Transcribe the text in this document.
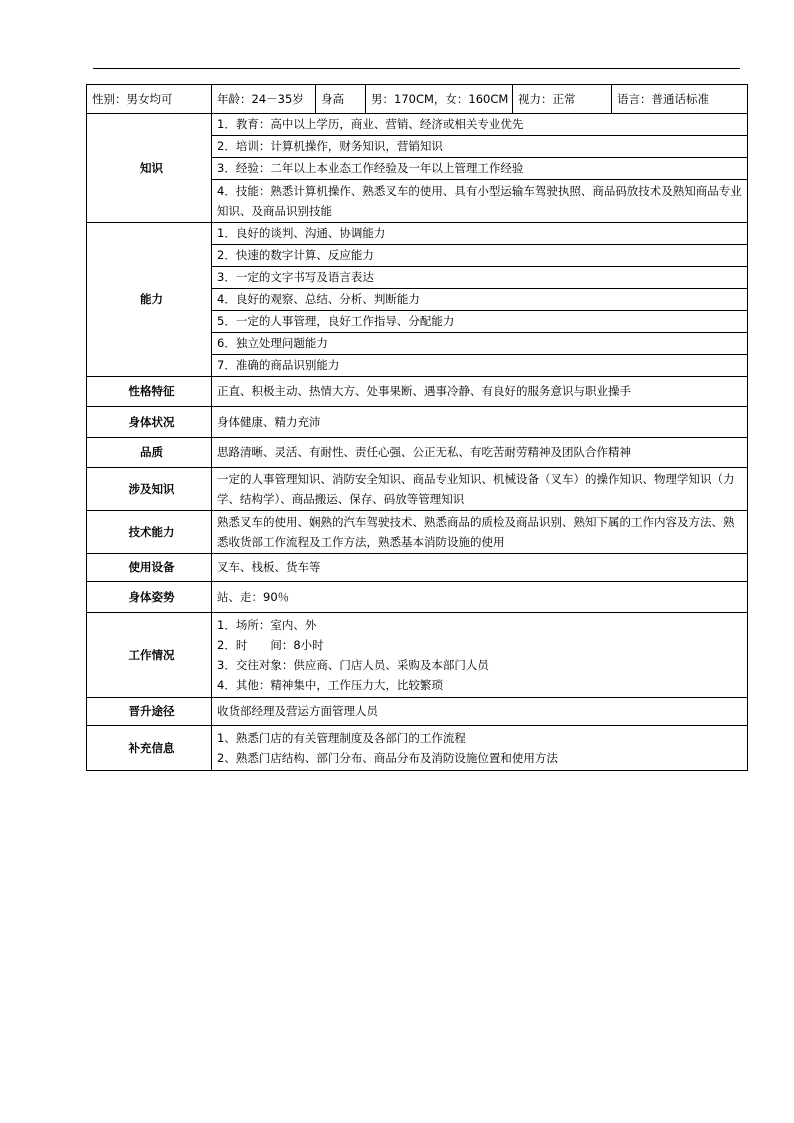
性别：男女均可	年龄：24－35岁	身高	男：170CM，女：160CM	视力：正常	语言：普通话标准
知识	1．教育：高中以上学历，商业、营销、经济或相关专业优先				
	2．培训：计算机操作，财务知识，营销知识				
	3．经验：二年以上本业态工作经验及一年以上管理工作经验				
	4．技能：熟悉计算机操作、熟悉叉车的使用、具有小型运输车驾驶执照、商品码放技术及熟知商品专业知识、及商品识别技能				
能力	1．良好的谈判、沟通、协调能力				
	2．快速的数字计算、反应能力				
	3．一定的文字书写及语言表达				
	4．良好的观察、总结、分析、判断能力				
	5．一定的人事管理，良好工作指导、分配能力				
	6．独立处理问题能力				
	7．准确的商品识别能力				
性格特征	正直、积极主动、热情大方、处事果断、遇事冷静、有良好的服务意识与职业操手				
身体状况	身体健康、精力充沛				
品质	思路清晰、灵活、有耐性、责任心强、公正无私、有吃苦耐劳精神及团队合作精神				
涉及知识	一定的人事管理知识、消防安全知识、商品专业知识、机械设备（叉车）的操作知识、物理学知识（力学、结构学）、商品搬运、保存、码放等管理知识				
技术能力	熟悉叉车的使用、娴熟的汽车驾驶技术、熟悉商品的质检及商品识别、熟知下属的工作内容及方法、熟悉收货部工作流程及工作方法，熟悉基本消防设施的使用				
使用设备	叉车、栈板、货车等				
身体姿势	站、走：90％				
工作情况	1．场所：室内、外
2．时　　间：8小时
3．交往对象：供应商、门店人员、采购及本部门人员
4．其他：精神集中，工作压力大，比较繁琐				

晋升途径	收货部经理及营运方面管理人员				
补充信息	1、熟悉门店的有关管理制度及各部门的工作流程
2、熟悉门店结构、部门分布、商品分布及消防设施位置和使用方法				
